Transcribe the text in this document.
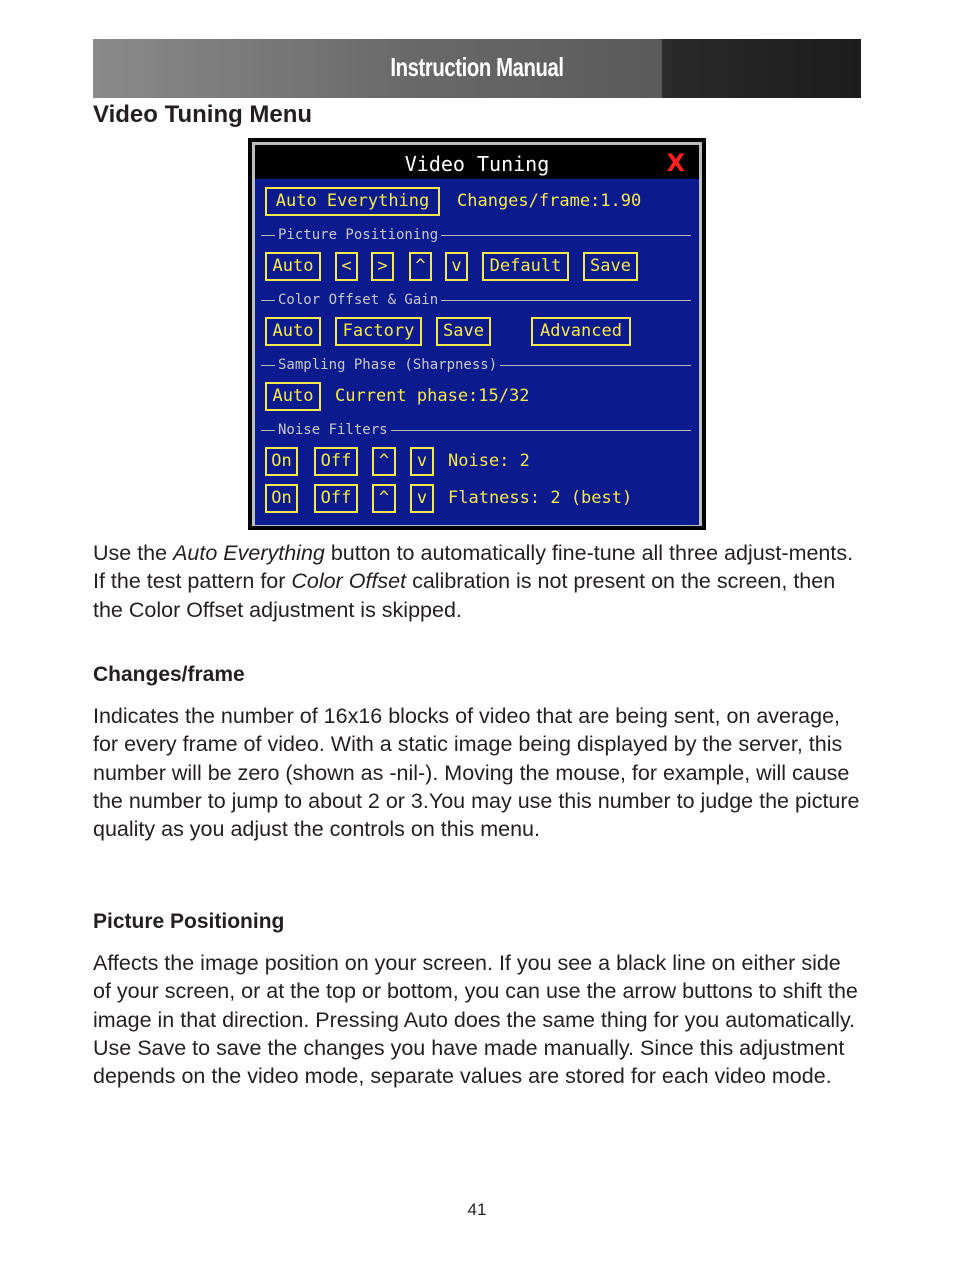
Instruction Manual
Video Tuning Menu
Video Tuning	X
Auto Everything	Changes/frame:1.90
Picture Positioning
Auto	<	>	^	v	Default	Save
Color Offset & Gain
Auto	Factory	Save	Advanced
Sampling Phase (Sharpness)
Auto	Current phase:15/32
Noise Filters
On	Off	^	v	Noise: 2
On	Off	^	v	Flatness: 2 (best)

Use the Auto Everything button to automatically fine-tune all three adjust-ments. If the test pattern for Color Offset calibration is not present on the screen, then the Color Offset adjustment is skipped.

Changes/frame

Indicates the number of 16x16 blocks of video that are being sent, on average, for every frame of video. With a static image being displayed by the server, this number will be zero (shown as -nil-). Moving the mouse, for example, will cause the number to jump to about 2 or 3.You may use this number to judge the picture quality as you adjust the controls on this menu.

Picture Positioning

Affects the image position on your screen. If you see a black line on either side of your screen, or at the top or bottom, you can use the arrow buttons to shift the image in that direction. Pressing Auto does the same thing for you automatically. Use Save to save the changes you have made manually. Since this adjustment depends on the video mode, separate values are stored for each video mode.

41
